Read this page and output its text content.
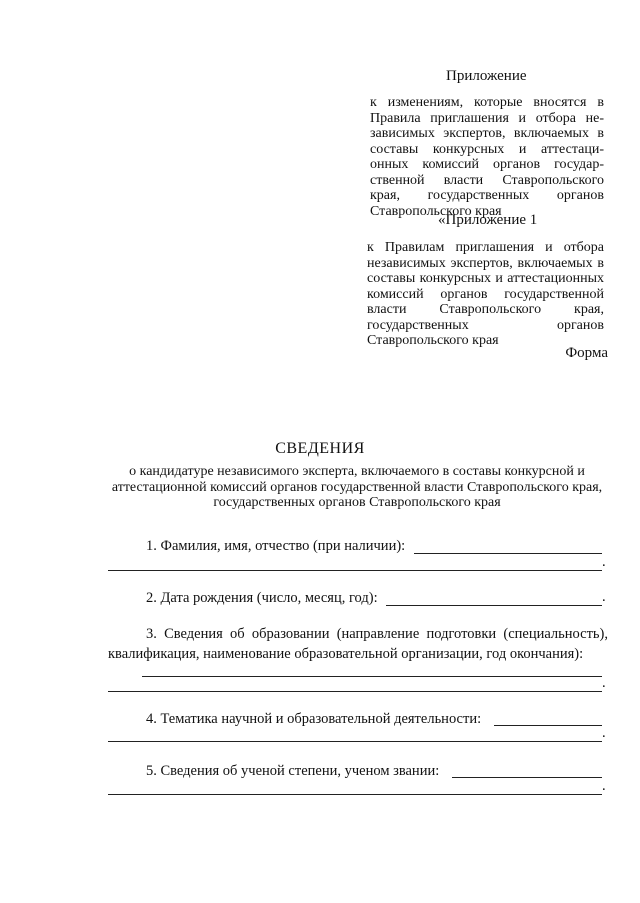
Приложение
к изменениям, которые вносятся в Правила приглашения и отбора независимых экспертов, включаемых в составы конкурсных и аттестационных комиссий органов государственной власти Ставропольского края, государственных органов Ставропольского края
«Приложение 1
к Правилам приглашения и отбора независимых экспертов, включаемых в составы конкурсных и аттестационных комиссий органов государственной власти Ставропольского края, государственных органов Ставропольского края
Форма
СВЕДЕНИЯ
о кандидатуре независимого эксперта, включаемого в составы конкурсной и аттестационной комиссий органов государственной власти Ставропольского края, государственных органов Ставропольского края
1. Фамилия, имя, отчество (при наличии):
.
2. Дата рождения (число, месяц, год):	.
3. Сведения об образовании (направление подготовки (специальность), квалификация, наименование образовательной организации, год окончания):
.
4. Тематика научной и образовательной деятельности:
.
5. Сведения об ученой степени, ученом звании:
.
